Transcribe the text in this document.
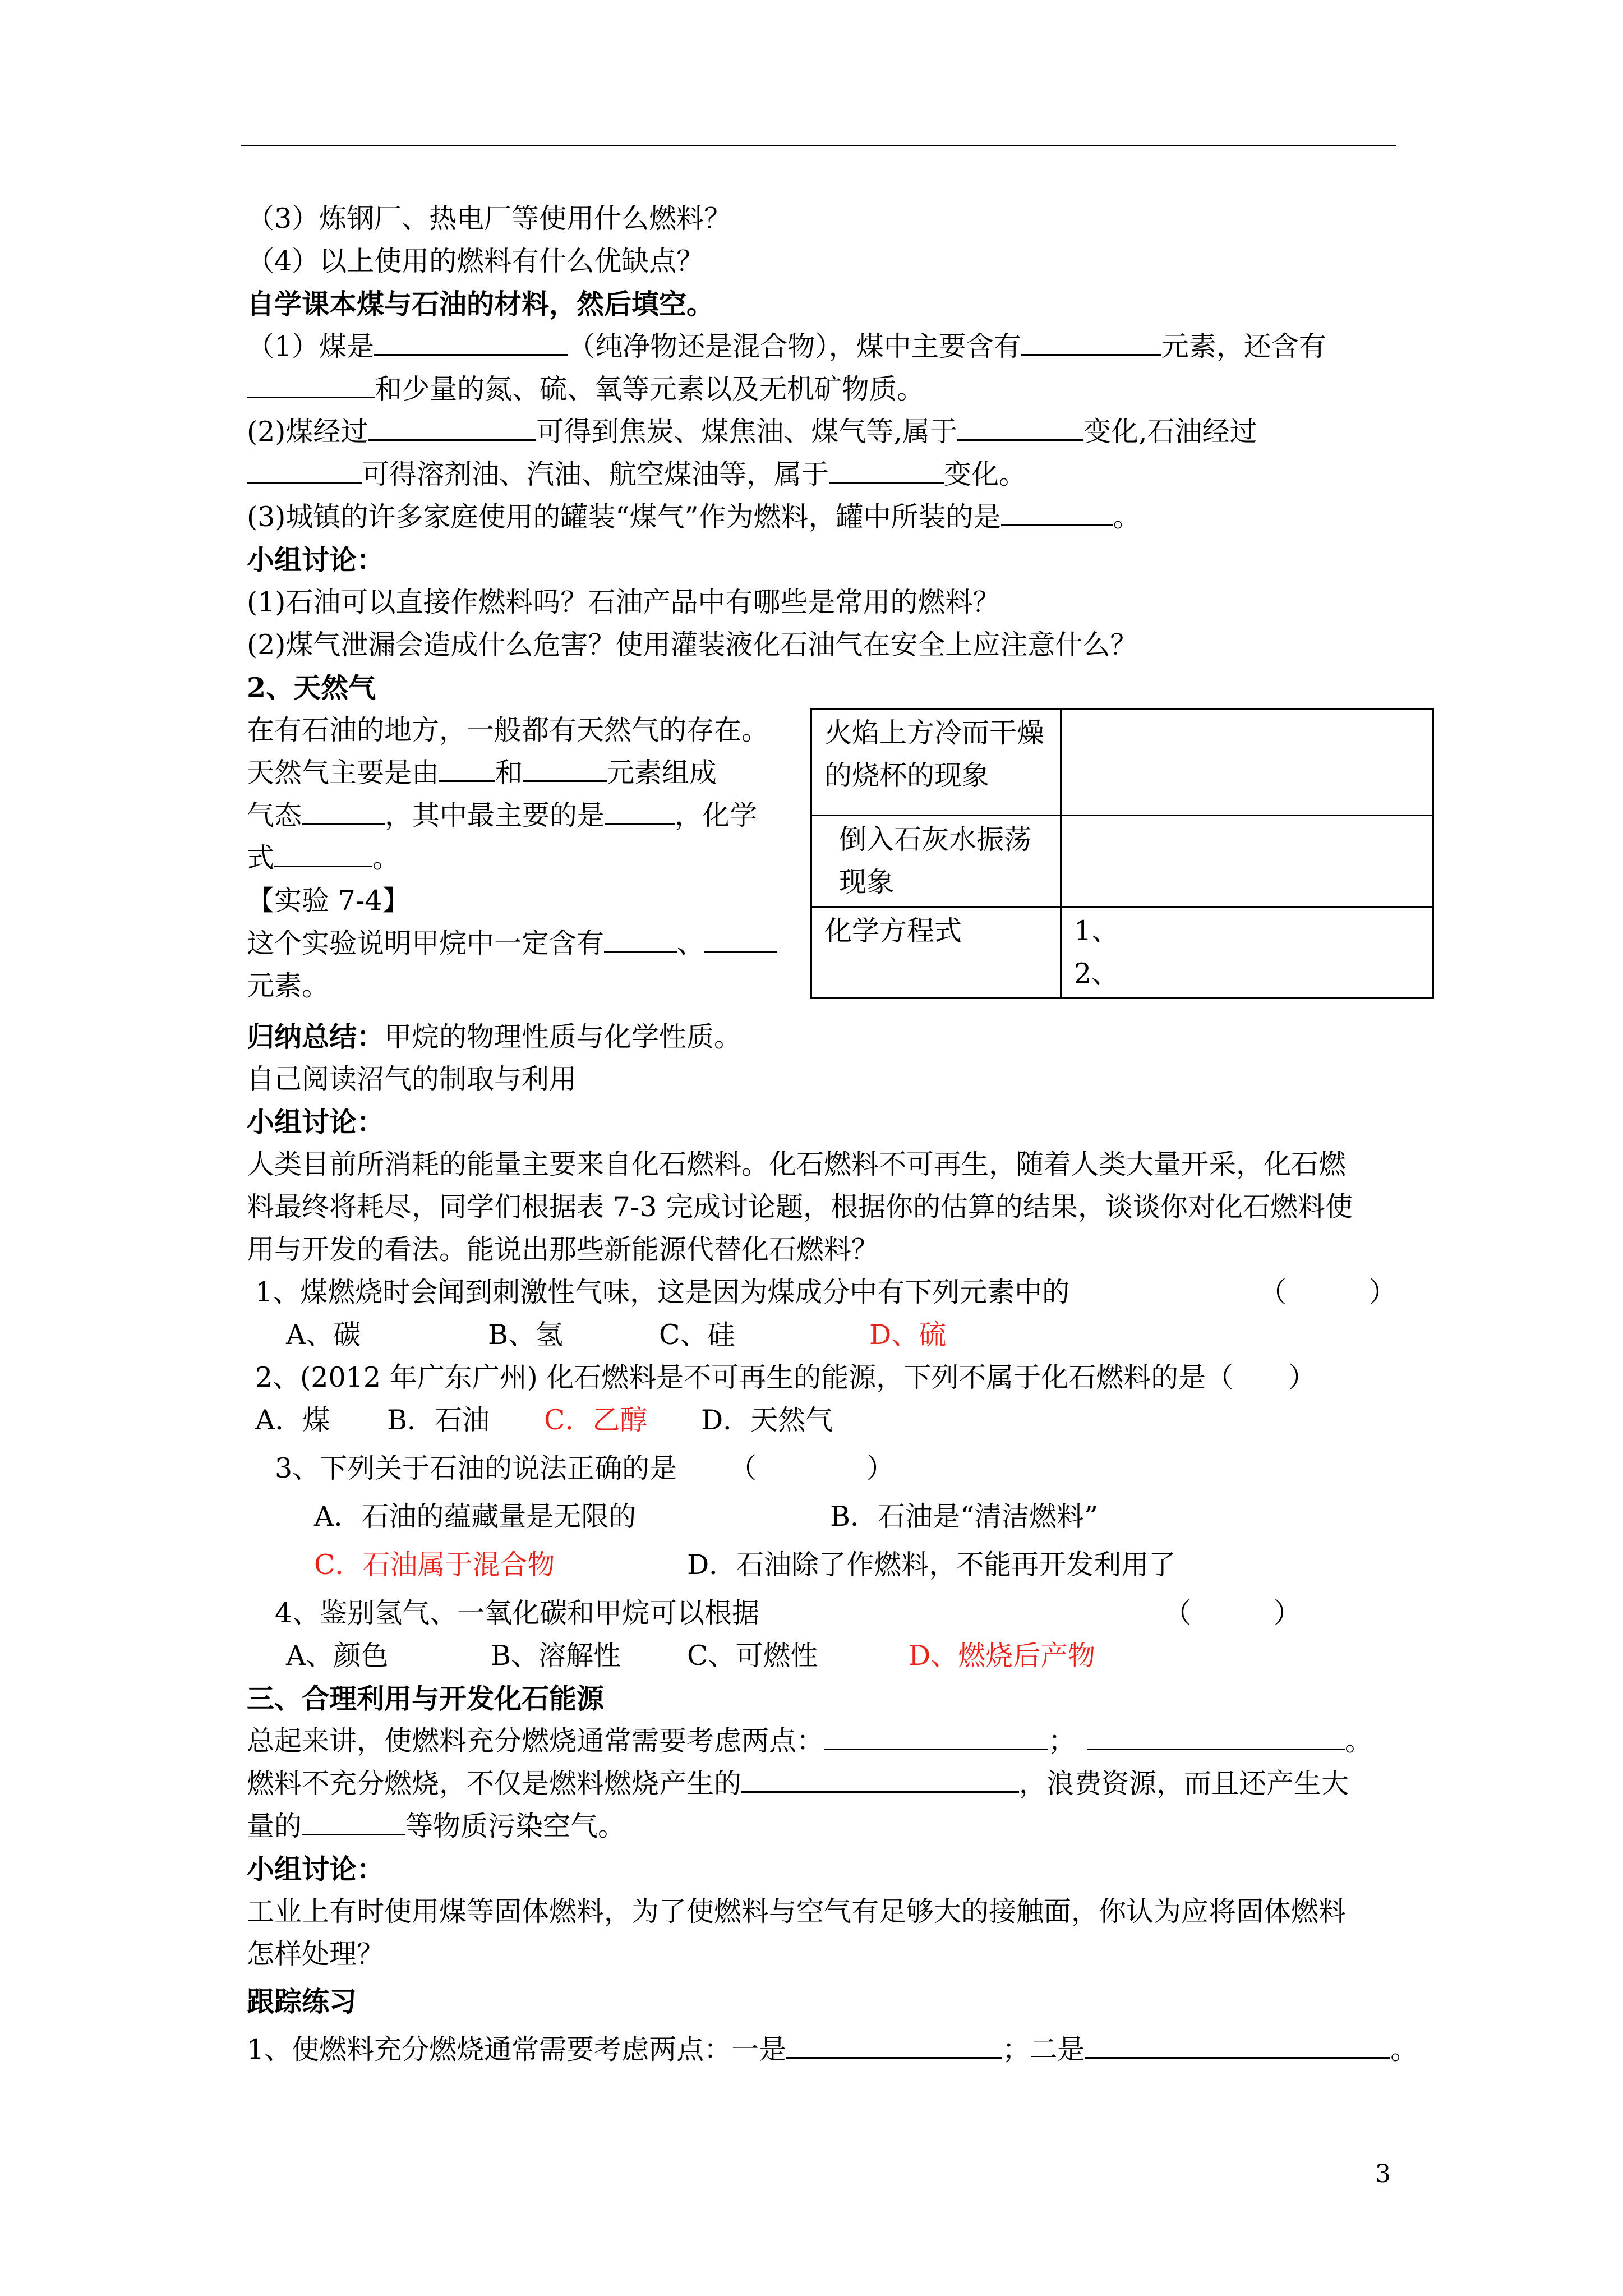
（3）炼钢厂、热电厂等使用什么燃料？
（4）以上使用的燃料有什么优缺点？
自学课本煤与石油的材料，然后填空。
（1）煤是	（纯净物还是混合物），煤中主要含有	元素，还含有
和少量的氮、硫、氧等元素以及无机矿物质。
(2)煤经过	可得到焦炭、煤焦油、煤气等,属于	变化,石油经过
可得溶剂油、汽油、航空煤油等，属于	变化。
(3)城镇的许多家庭使用的罐装“煤气”作为燃料，罐中所装的是	。
小组讨论：
(1)石油可以直接作燃料吗？石油产品中有哪些是常用的燃料？
(2)煤气泄漏会造成什么危害？使用灌装液化石油气在安全上应注意什么？
2、天然气
在有石油的地方，一般都有天然气的存在。
天然气主要是由 和	元素组成
气态	，其中最主要的是	，化学
式	。
【实验 7-4】
这个实验说明甲烷中一定含有	、
元素。
火焰上方冷而干燥的烧杯的现象	
倒入石灰水振荡现象	
化学方程式	1、
2、
归纳总结：甲烷的物理性质与化学性质。
自己阅读沼气的制取与利用
小组讨论：
人类目前所消耗的能量主要来自化石燃料。化石燃料不可再生，随着人类大量开采，化石燃
料最终将耗尽，同学们根据表 7-3 完成讨论题，根据你的估算的结果，谈谈你对化石燃料使
用与开发的看法。能说出那些新能源代替化石燃料？
1、煤燃烧时会闻到刺激性气味，这是因为煤成分中有下列元素中的	（　　　）
A、碳	B、氢	C、硅	D、硫
2、(2012 年广东广州) 化石燃料是不可再生的能源，下列不属于化石燃料的是（　　）
A．煤 B．石油 C．乙醇 D．天然气
3、下列关于石油的说法正确的是 （　　　　）
A．石油的蕴藏量是无限的	B．石油是“清洁燃料”
C．石油属于混合物	D．石油除了作燃料，不能再开发利用了
4、鉴别氢气、一氧化碳和甲烷可以根据	（　　　）
A、颜色	B、溶解性 C、可燃性	D、燃烧后产物
三、合理利用与开发化石能源
总起来讲，使燃料充分燃烧通常需要考虑两点：	；	。
燃料不充分燃烧，不仅是燃料燃烧产生的	，浪费资源，而且还产生大
量的	等物质污染空气。
小组讨论：
工业上有时使用煤等固体燃料，为了使燃料与空气有足够大的接触面，你认为应将固体燃料
怎样处理？
跟踪练习
1、使燃料充分燃烧通常需要考虑两点：一是	；二是	。
3
